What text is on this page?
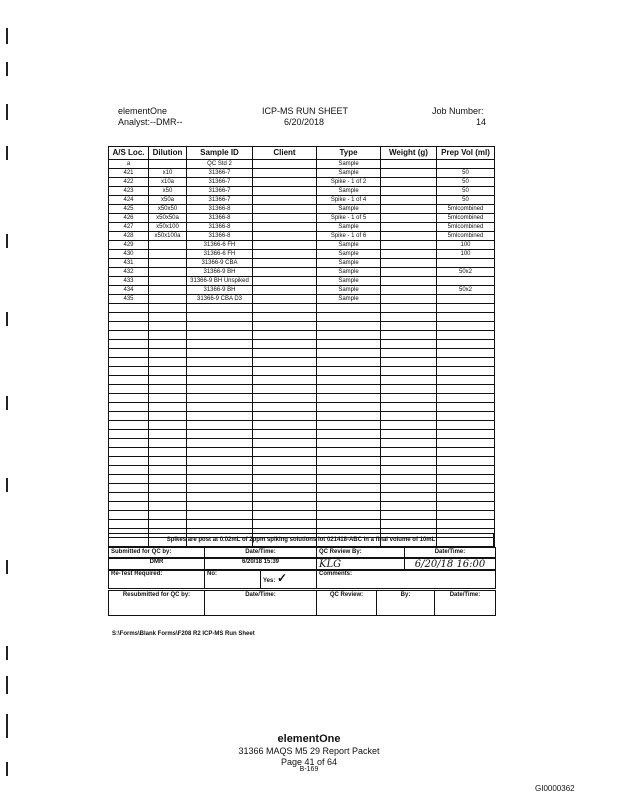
elementOne
Analyst:--DMR--
ICP-MS RUN SHEET
6/20/2018
Job Number:
14
A/S Loc.	Dilution	Sample ID	Client	Type	Weight (g)	Prep Vol (ml)
a		QC Std 2		Sample		
421	x10	31366-7		Sample		50
422	x10a	31366-7		Spike - 1 of 2		50
423	x50	31366-7		Sample		50
424	x50a	31366-7		Spike - 1 of 4		50
425	x50x50	31366-8		Sample		5mlcombined
426	x50x50a	31366-8		Spike - 1 of 5		5mlcombined
427	x50x100	31366-8		Sample		5mlcombined
428	x50x100a	31366-8		Spike - 1 of 6		5mlcombined
429		31366-6 FH		Sample		100
430		31366-6 FH		Sample		100
431		31366-9 CBA		Sample		
432		31366-9 BH		Sample		50x2
433		31366-9 BH Unspiked		Sample		
434		31366-9 BH		Sample		50x2
435		31366-9 CBA D3		Sample		

Spikes are post at 0.02mL of 2ppm spiking solutions lot 021418-ABC in a final volume of 10mL
Submitted for QC by:	Date/Time:	QC Review By:	Date/Time:
DMR	6/20/18 15:39	KLG	6/20/18 16:00
Re-Test Required:	No:
Yes: ✓	Comments:
Resubmitted for QC by:	Date/Time:	QC Review:	By:	Date/Time:
S:\Forms\Blank Forms\F208 R2 ICP-MS Run Sheet
elementOne
31366 MAQS M5 29 Report Packet
Page 41 of 64
B-169
GI0000362
